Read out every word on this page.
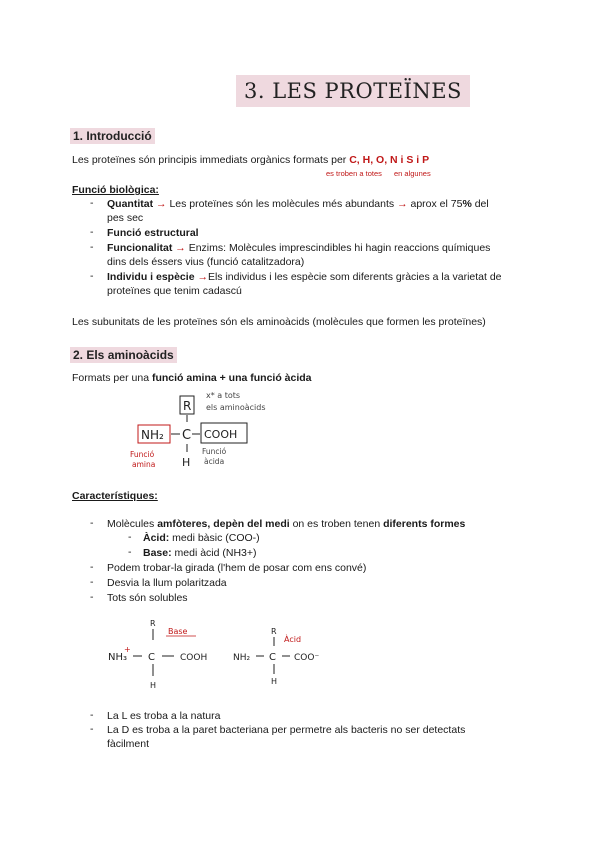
3. LES PROTEÏNES
1. Introducció
Les proteïnes són principis immediats orgànics formats per C, H, O, N i S i P
es troben a totes en algunes
Funció biològica:
-	Quantitat → Les proteïnes són les molècules més abundants → aprox el 75% del
pes sec
-	Funció estructural
-	Funcionalitat → Enzims: Molècules imprescindibles hi hagin reaccions químiques
dins dels éssers vius (funció catalitzadora)
-	Individu i espècie →Els individus i les espècie som diferents gràcies a la varietat de
proteïnes que tenim cadascú
Les subunitats de les proteïnes són els aminoàcids (molècules que formen les proteïnes)
2. Els aminoàcids
Formats per una funció amina + una funció àcida
R
x* a tots
els aminoàcids
NH₂ C COOH
H
Funció
amina
Funció
àcida
Característiques:
-	Molècules amfòteres, depèn del medi on es troben tenen diferents formes
- Àcid: medi bàsic (COO-)
- Base: medi àcid (NH3+)
-	Podem trobar-la girada (l'hem de posar com ens convé)
-	Desvia la llum polaritzada
-	Tots són solubles
R
Base
NH₃
+
C	COOH
H
R
Àcid
NH₂ C COO⁻
H
-	La L es troba a la natura
-	La D es troba a la paret bacteriana per permetre als bacteris no ser detectats
fàcilment
